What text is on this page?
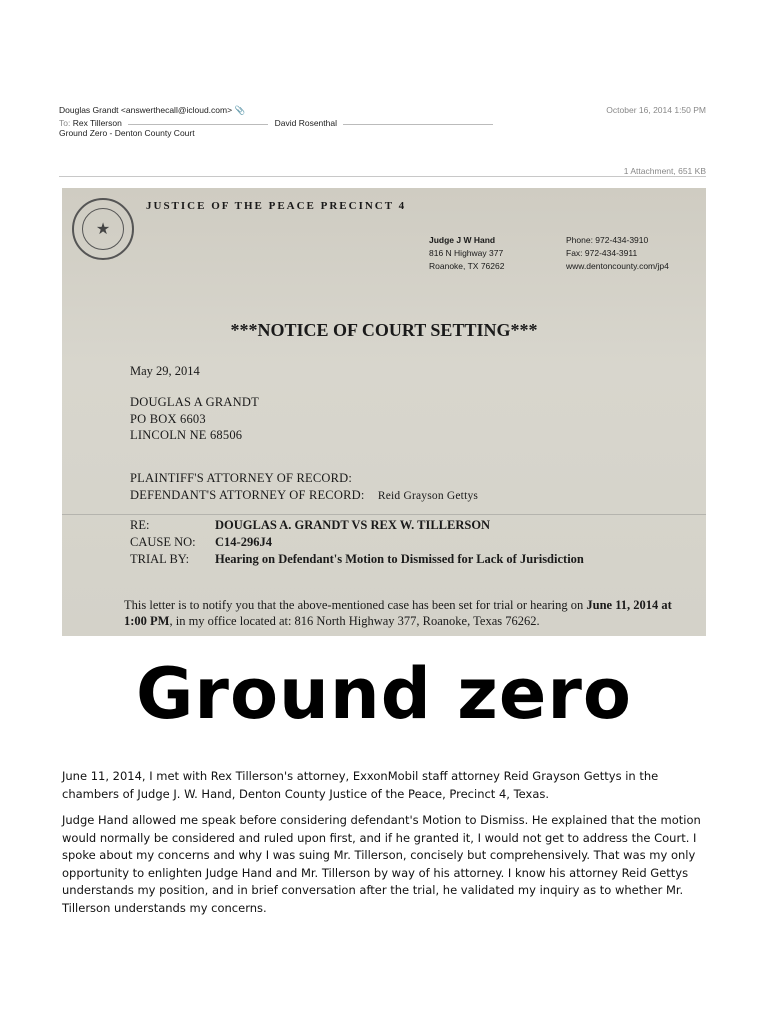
Douglas Grandt <answerthecall@icloud.com> 📎	October 16, 2014 1:50 PM
To: Rex Tillerson	David Rosenthal
Ground Zero - Denton County Court
1 Attachment, 651 KB
★
JUSTICE OF THE PEACE PRECINCT 4
Judge J W Hand
816 N Highway 377
Roanoke, TX 76262
Phone: 972-434-3910
Fax: 972-434-3911
www.dentoncounty.com/jp4
***NOTICE OF COURT SETTING***
May 29, 2014
DOUGLAS A GRANDT
PO BOX 6603
LINCOLN NE 68506
PLAINTIFF'S ATTORNEY OF RECORD:
DEFENDANT'S ATTORNEY OF RECORD: Reid Grayson Gettys
RE:	DOUGLAS A. GRANDT VS REX W. TILLERSON
CAUSE NO: C14-296J4
TRIAL BY: Hearing on Defendant's Motion to Dismissed for Lack of Jurisdiction
This letter is to notify you that the above-mentioned case has been set for trial or hearing on June 11, 2014 at 1:00 PM, in my office located at: 816 North Highway 377, Roanoke, Texas 76262.
Ground zero
June 11, 2014, I met with Rex Tillerson's attorney, ExxonMobil staff attorney Reid Grayson Gettys in the chambers of Judge J. W. Hand, Denton County Justice of the Peace, Precinct 4, Texas.
Judge Hand allowed me speak before considering defendant's Motion to Dismiss. He explained that the motion would normally be considered and ruled upon first, and if he granted it, I would not get to address the Court. I spoke about my concerns and why I was suing Mr. Tillerson, concisely but comprehensively. That was my only opportunity to enlighten Judge Hand and Mr. Tillerson by way of his attorney. I know his attorney Reid Gettys understands my position, and in brief conversation after the trial, he validated my inquiry as to whether Mr. Tillerson understands my concerns.
